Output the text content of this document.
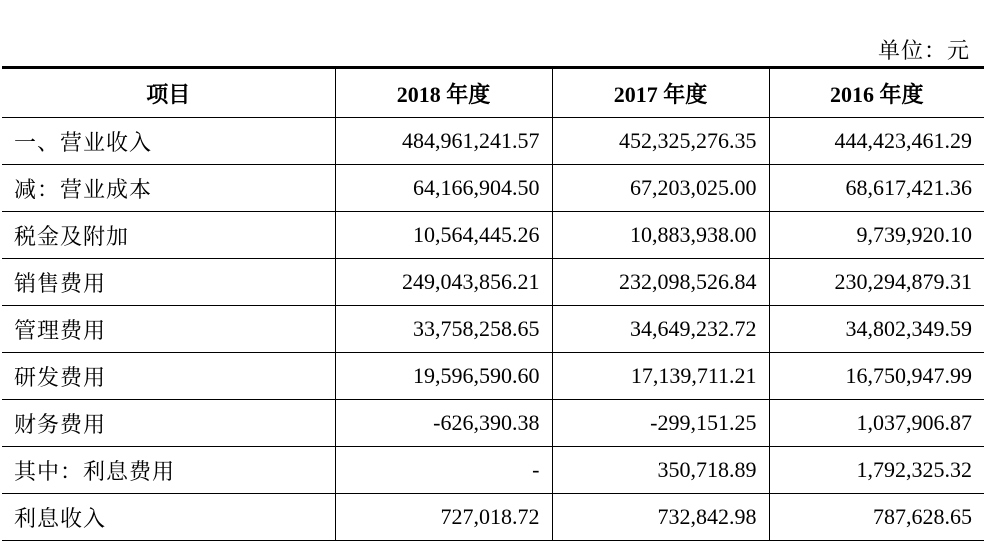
单位：元
项目	2018 年度	2017 年度	2016 年度
一、营业收入	484,961,241.57	452,325,276.35	444,423,461.29
减：营业成本	64,166,904.50	67,203,025.00	68,617,421.36
税金及附加	10,564,445.26	10,883,938.00	9,739,920.10
销售费用	249,043,856.21	232,098,526.84	230,294,879.31
管理费用	33,758,258.65	34,649,232.72	34,802,349.59
研发费用	19,596,590.60	17,139,711.21	16,750,947.99
财务费用	-626,390.38	-299,151.25	1,037,906.87
其中：利息费用	-	350,718.89	1,792,325.32
利息收入	727,018.72	732,842.98	787,628.65
